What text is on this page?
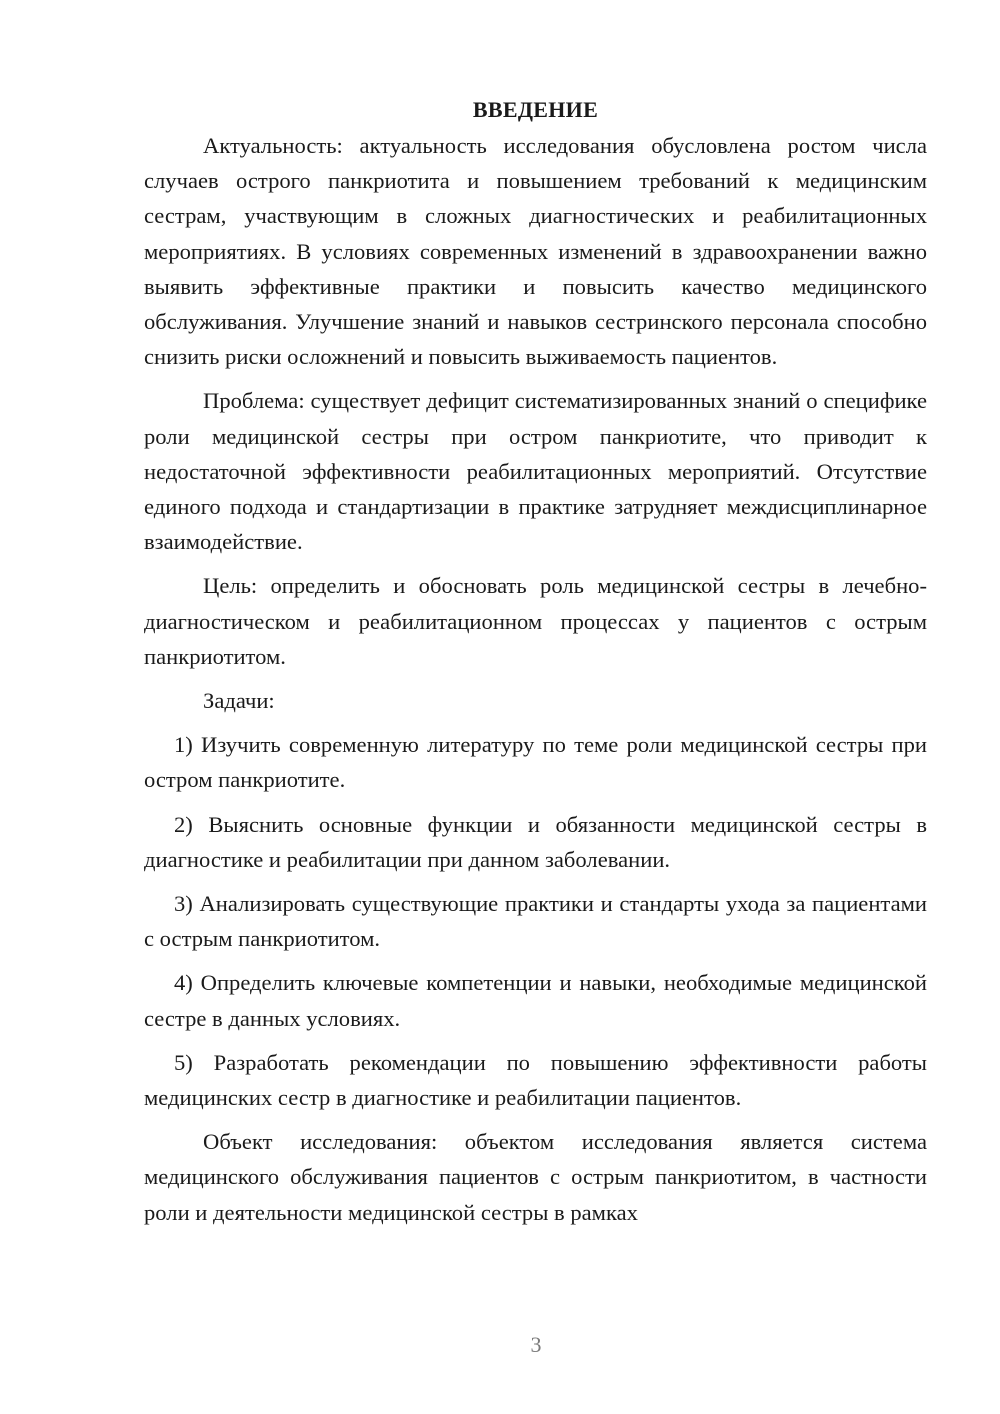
ВВЕДЕНИЕ

Актуальность: актуальность исследования обусловлена ростом числа случаев острого панкриотита и повышением требований к медицинским сестрам, участвующим в сложных диагностических и реабилитационных мероприятиях. В условиях современных изменений в здравоохранении важно выявить эффективные практики и повысить качество медицинского обслуживания. Улучшение знаний и навыков сестринского персонала способно снизить риски осложнений и повысить выживаемость пациентов.

Проблема: существует дефицит систематизированных знаний о специфике роли медицинской сестры при остром панкриотите, что приводит к недостаточной эффективности реабилитационных мероприятий. Отсутствие единого подхода и стандартизации в практике затрудняет междисциплинарное взаимодействие.

Цель: определить и обосновать роль медицинской сестры в лечебно-диагностическом и реабилитационном процессах у пациентов с острым панкриотитом.

Задачи:

1) Изучить современную литературу по теме роли медицинской сестры при остром панкриотите.

2) Выяснить основные функции и обязанности медицинской сестры в диагностике и реабилитации при данном заболевании.

3) Анализировать существующие практики и стандарты ухода за пациентами с острым панкриотитом.

4) Определить ключевые компетенции и навыки, необходимые медицинской сестре в данных условиях.

5) Разработать рекомендации по повышению эффективности работы медицинских сестр в диагностике и реабилитации пациентов.

Объект исследования: объектом исследования является система медицинского обслуживания пациентов с острым панкриотитом, в частности роли и деятельности медицинской сестры в рамках

3
